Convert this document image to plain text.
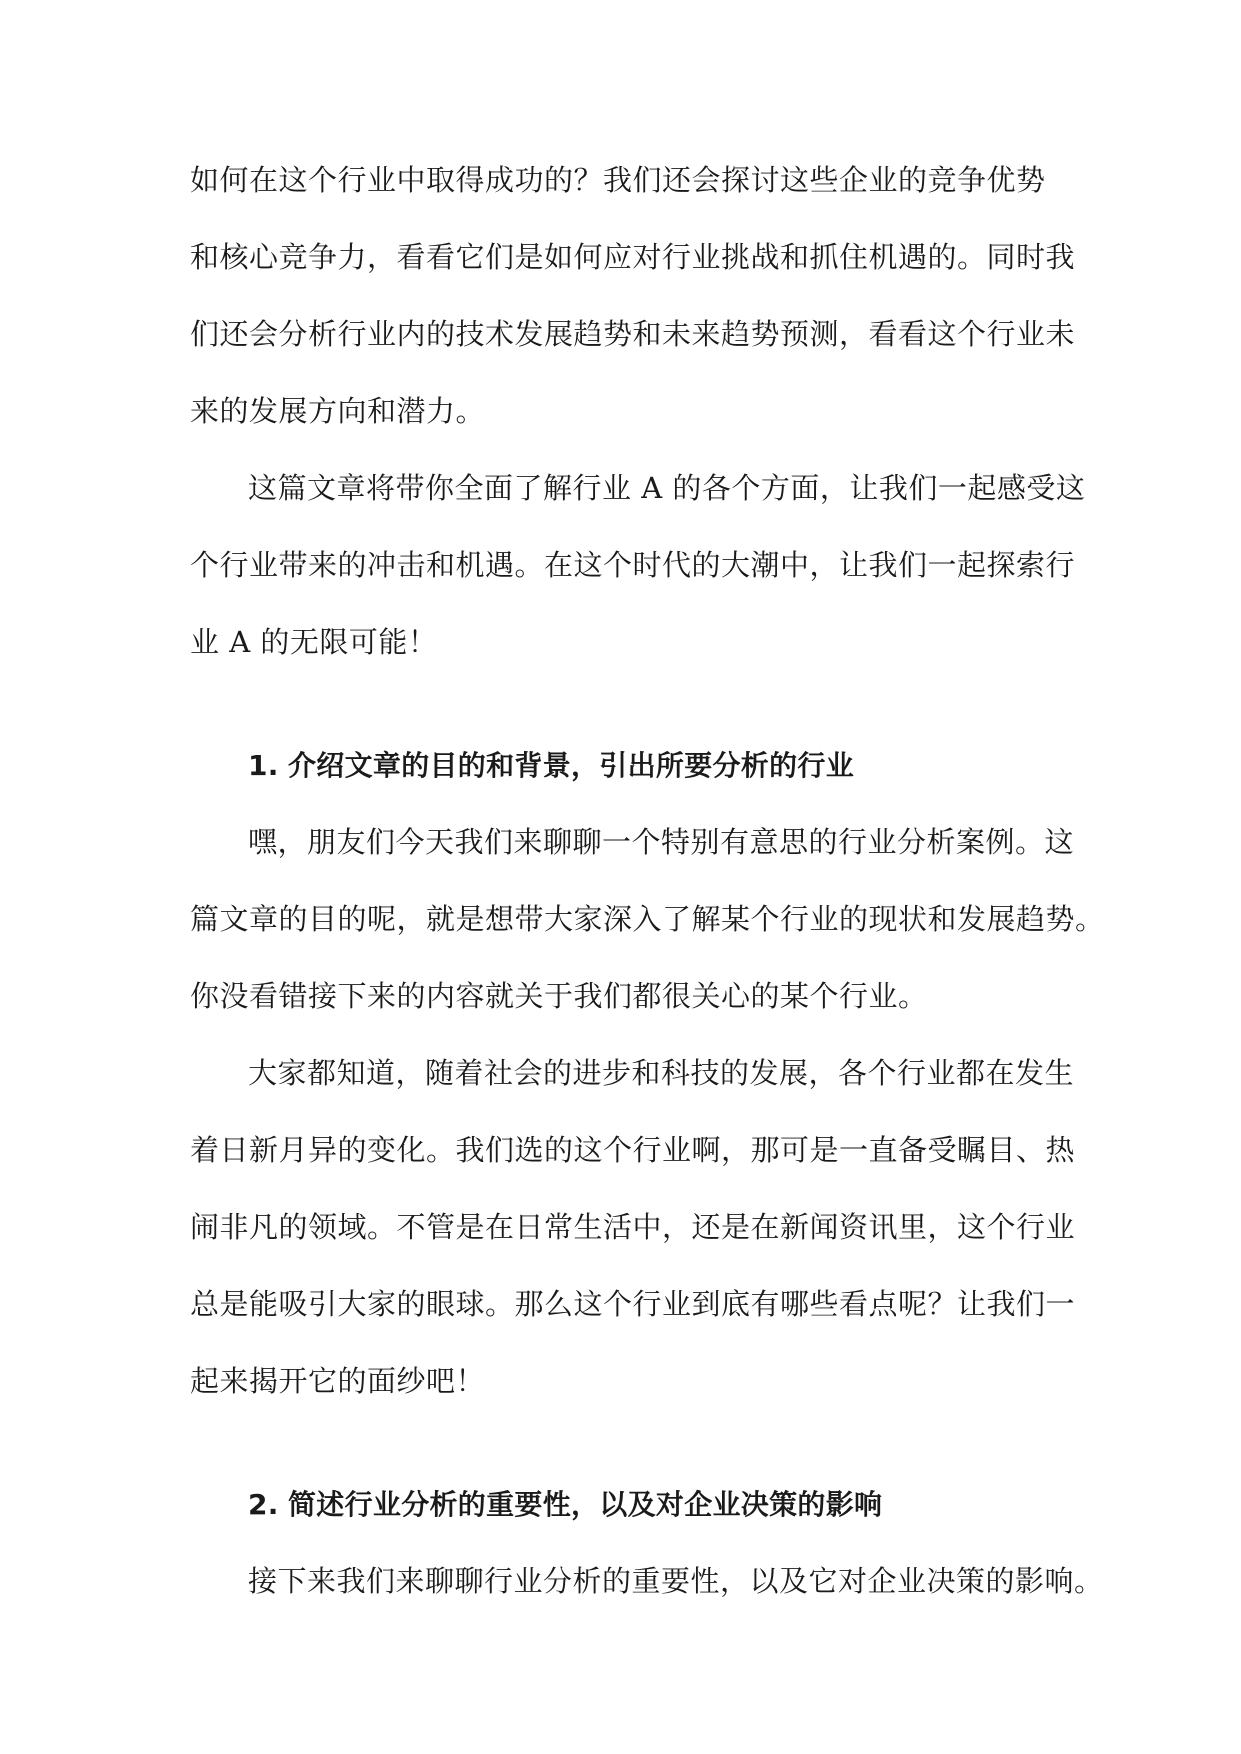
如何在这个行业中取得成功的？我们还会探讨这些企业的竞争优势
和核心竞争力，看看它们是如何应对行业挑战和抓住机遇的。同时我
们还会分析行业内的技术发展趋势和未来趋势预测，看看这个行业未
来的发展方向和潜力。
这篇文章将带你全面了解行业 A 的各个方面，让我们一起感受这
个行业带来的冲击和机遇。在这个时代的大潮中，让我们一起探索行
业 A 的无限可能！
1. 介绍文章的目的和背景，引出所要分析的行业
嘿，朋友们今天我们来聊聊一个特别有意思的行业分析案例。这
篇文章的目的呢，就是想带大家深入了解某个行业的现状和发展趋势。
你没看错接下来的内容就关于我们都很关心的某个行业。
大家都知道，随着社会的进步和科技的发展，各个行业都在发生
着日新月异的变化。我们选的这个行业啊，那可是一直备受瞩目、热
闹非凡的领域。不管是在日常生活中，还是在新闻资讯里，这个行业
总是能吸引大家的眼球。那么这个行业到底有哪些看点呢？让我们一
起来揭开它的面纱吧！
2. 简述行业分析的重要性，以及对企业决策的影响
接下来我们来聊聊行业分析的重要性，以及它对企业决策的影响。
